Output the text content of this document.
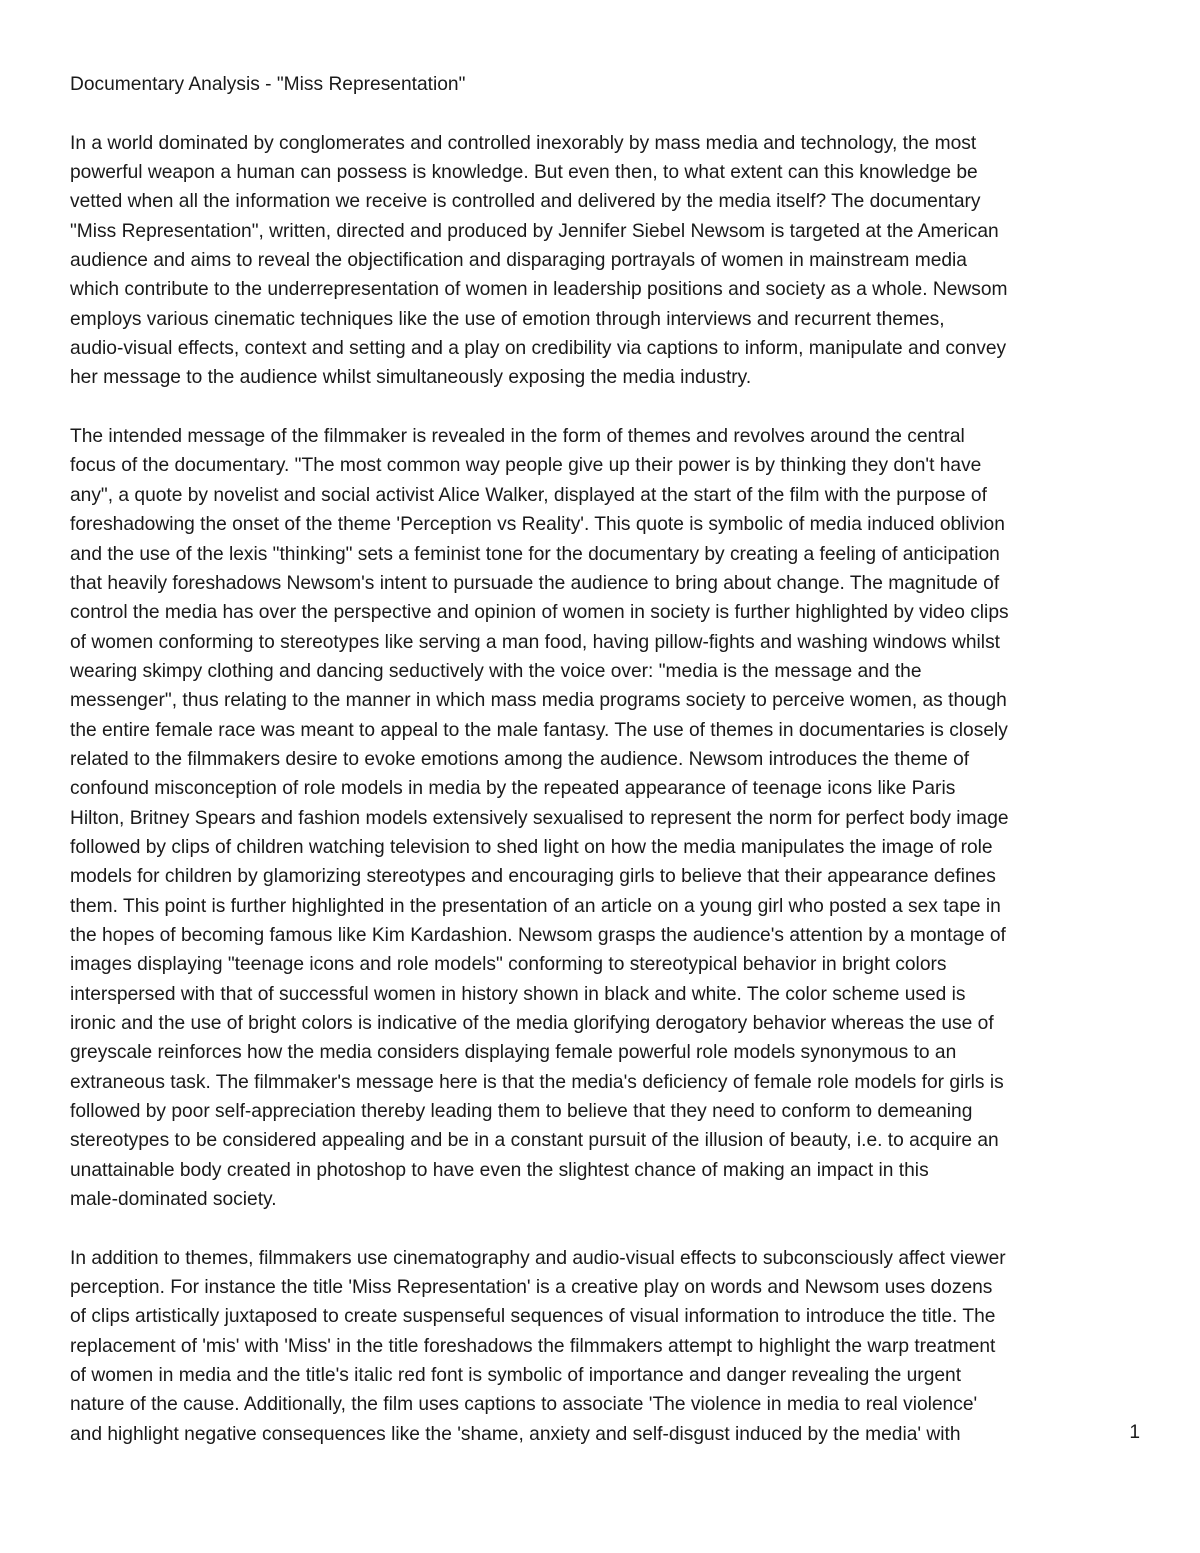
Documentary Analysis - "Miss Representation"
In a world dominated by conglomerates and controlled inexorably by mass media and technology, the most
powerful weapon a human can possess is knowledge. But even then, to what extent can this knowledge be
vetted when all the information we receive is controlled and delivered by the media itself? The documentary
"Miss Representation", written, directed and produced by Jennifer Siebel Newsom is targeted at the American
audience and aims to reveal the objectification and disparaging portrayals of women in mainstream media
which contribute to the underrepresentation of women in leadership positions and society as a whole. Newsom
employs various cinematic techniques like the use of emotion through interviews and recurrent themes,
audio-visual effects, context and setting and a play on credibility via captions to inform, manipulate and convey
her message to the audience whilst simultaneously exposing the media industry.
The intended message of the filmmaker is revealed in the form of themes and revolves around the central
focus of the documentary. "The most common way people give up their power is by thinking they don't have
any", a quote by novelist and social activist Alice Walker, displayed at the start of the film with the purpose of
foreshadowing the onset of the theme 'Perception vs Reality'. This quote is symbolic of media induced oblivion
and the use of the lexis "thinking" sets a feminist tone for the documentary by creating a feeling of anticipation
that heavily foreshadows Newsom's intent to pursuade the audience to bring about change. The magnitude of
control the media has over the perspective and opinion of women in society is further highlighted by video clips
of women conforming to stereotypes like serving a man food, having pillow-fights and washing windows whilst
wearing skimpy clothing and dancing seductively with the voice over: "media is the message and the
messenger", thus relating to the manner in which mass media programs society to perceive women, as though
the entire female race was meant to appeal to the male fantasy. The use of themes in documentaries is closely
related to the filmmakers desire to evoke emotions among the audience. Newsom introduces the theme of
confound misconception of role models in media by the repeated appearance of teenage icons like Paris
Hilton, Britney Spears and fashion models extensively sexualised to represent the norm for perfect body image
followed by clips of children watching television to shed light on how the media manipulates the image of role
models for children by glamorizing stereotypes and encouraging girls to believe that their appearance defines
them. This point is further highlighted in the presentation of an article on a young girl who posted a sex tape in
the hopes of becoming famous like Kim Kardashion. Newsom grasps the audience's attention by a montage of
images displaying "teenage icons and role models" conforming to stereotypical behavior in bright colors
interspersed with that of successful women in history shown in black and white. The color scheme used is
ironic and the use of bright colors is indicative of the media glorifying derogatory behavior whereas the use of
greyscale reinforces how the media considers displaying female powerful role models synonymous to an
extraneous task. The filmmaker's message here is that the media's deficiency of female role models for girls is
followed by poor self-appreciation thereby leading them to believe that they need to conform to demeaning
stereotypes to be considered appealing and be in a constant pursuit of the illusion of beauty, i.e. to acquire an
unattainable body created in photoshop to have even the slightest chance of making an impact in this
male-dominated society.
In addition to themes, filmmakers use cinematography and audio-visual effects to subconsciously affect viewer
perception. For instance the title 'Miss Representation' is a creative play on words and Newsom uses dozens
of clips artistically juxtaposed to create suspenseful sequences of visual information to introduce the title. The
replacement of 'mis' with 'Miss' in the title foreshadows the filmmakers attempt to highlight the warp treatment
of women in media and the title's italic red font is symbolic of importance and danger revealing the urgent
nature of the cause. Additionally, the film uses captions to associate 'The violence in media to real violence'
and highlight negative consequences like the 'shame, anxiety and self-disgust induced by the media' with	1
